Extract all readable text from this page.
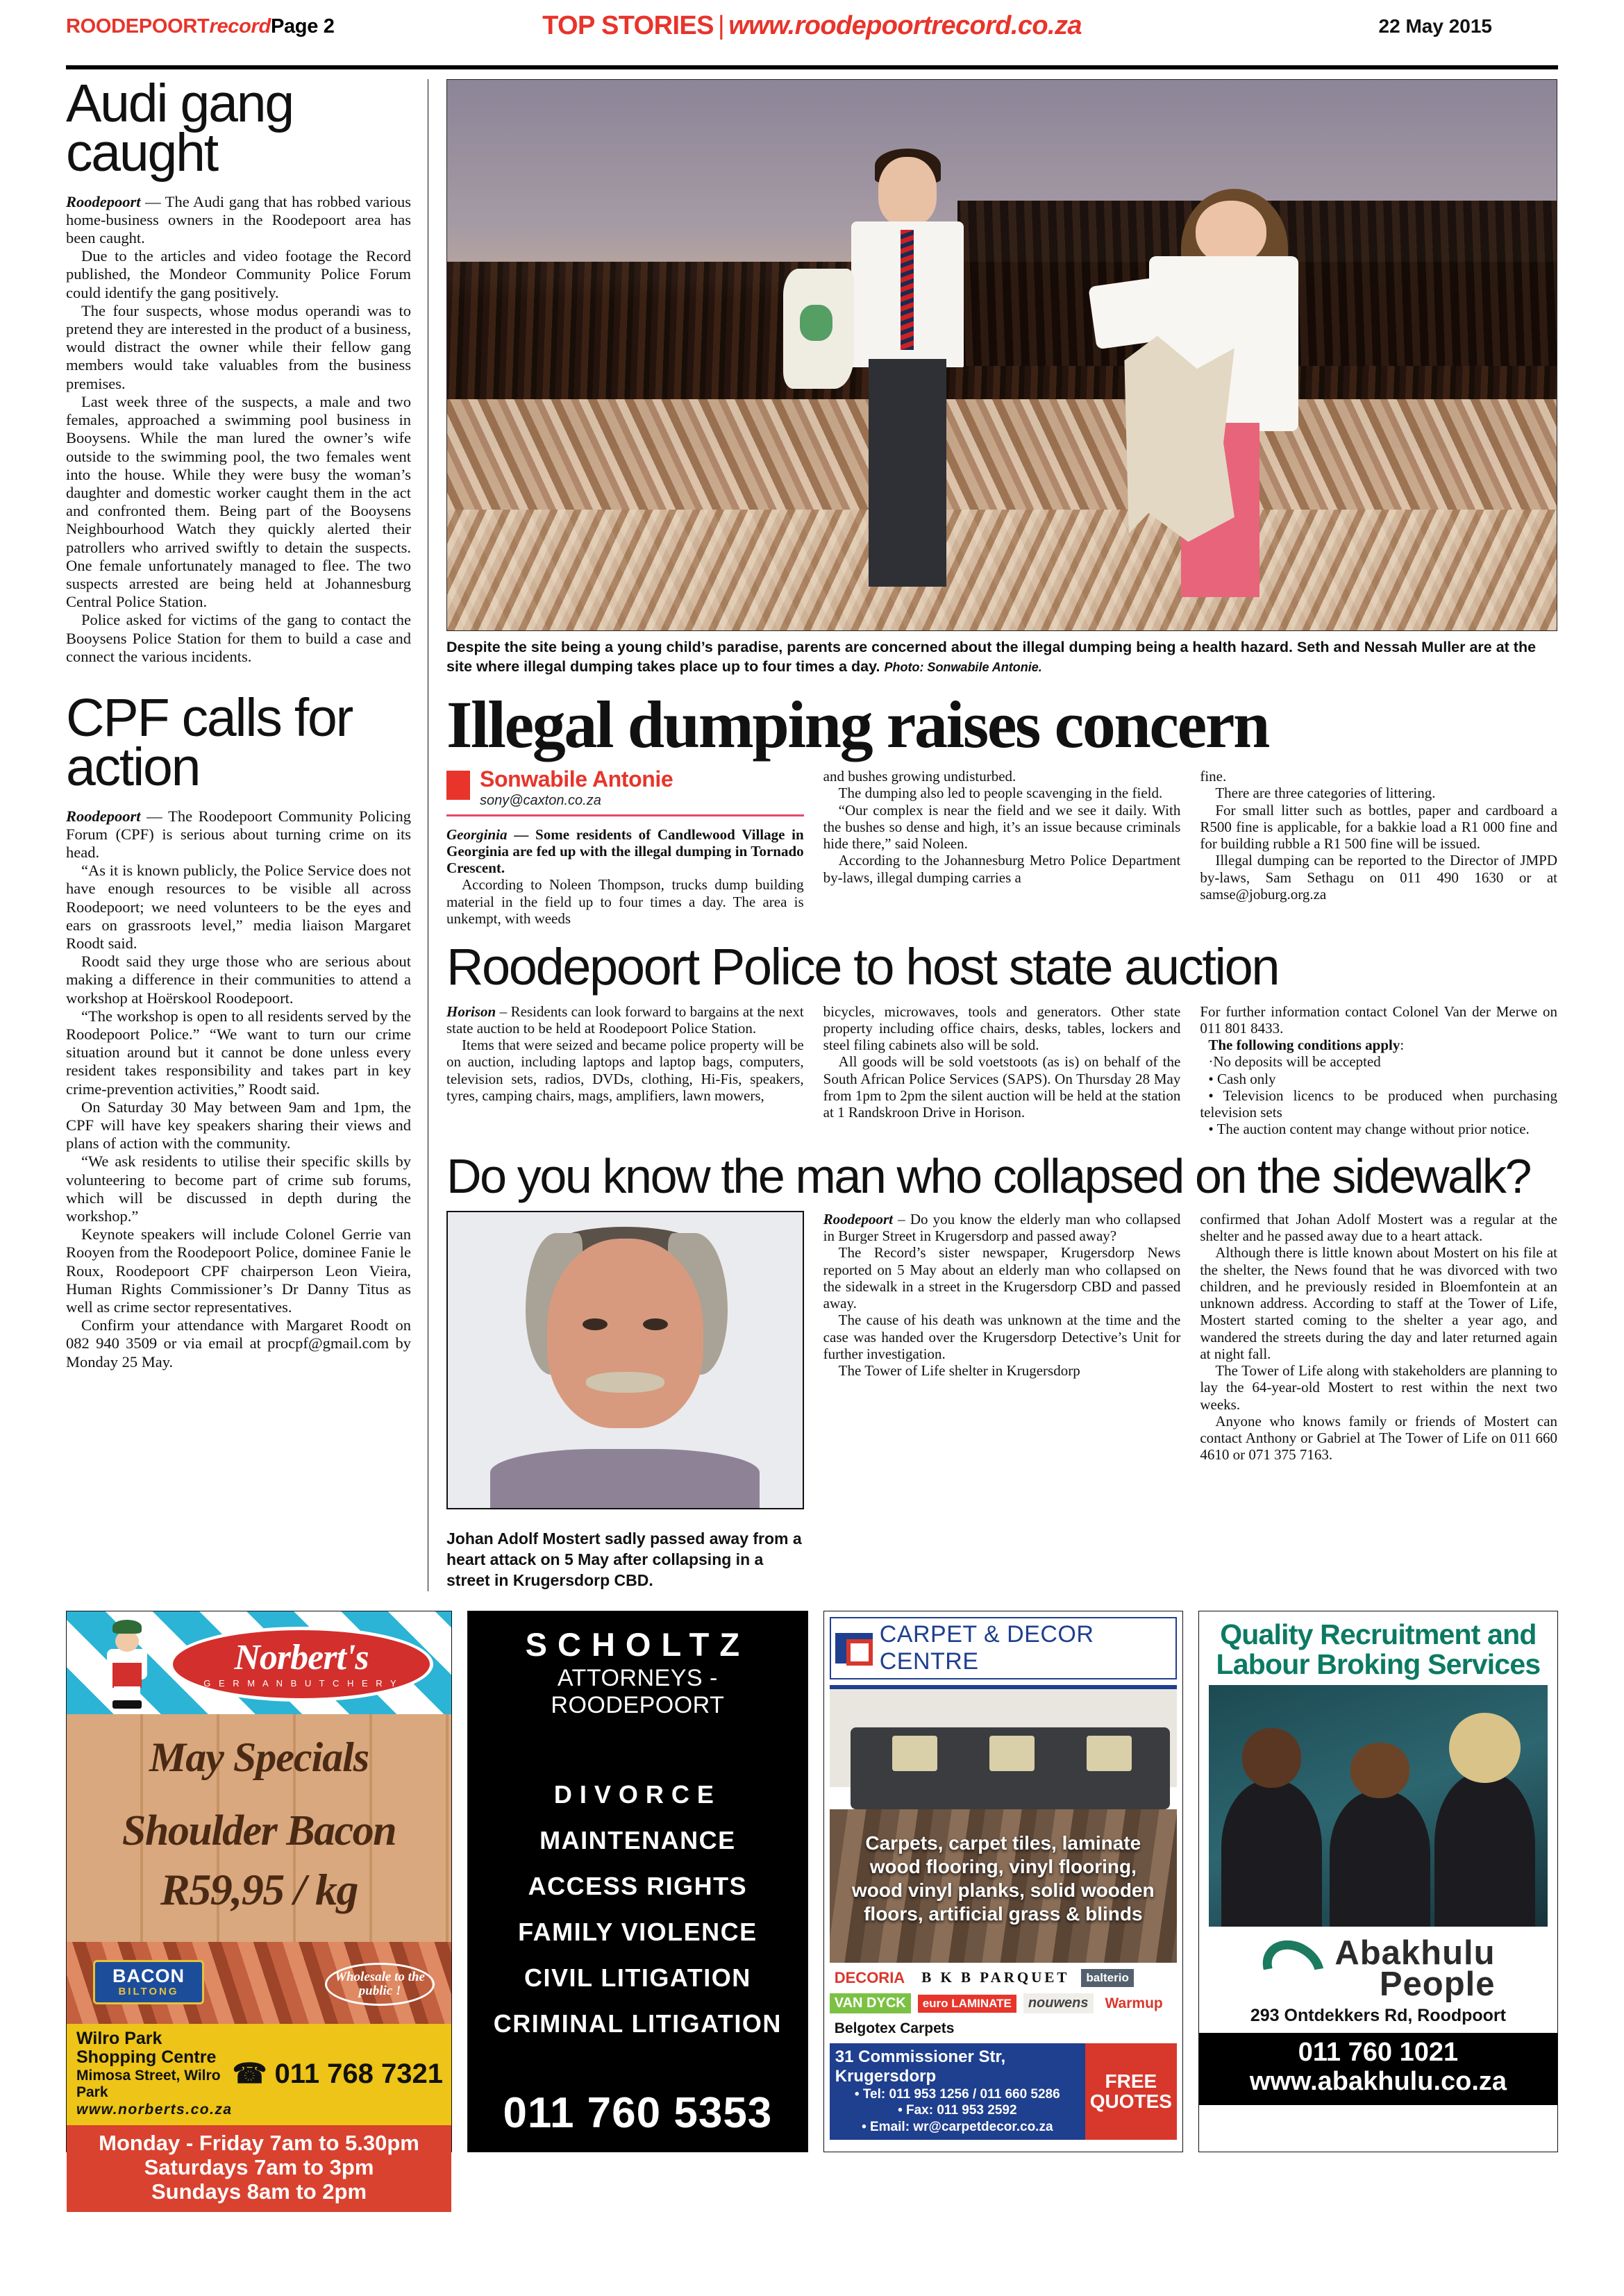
ROODEPOORTrecordPage 2	TOP STORIES | www.roodepoortrecord.co.za	22 May 2015
Audi gang caught

Roodepoort — The Audi gang that has robbed various home-business owners in the Roodepoort area has been caught.

Due to the articles and video footage the Record published, the Mondeor Community Police Forum could identify the gang positively.

The four suspects, whose modus operandi was to pretend they are interested in the product of a business, would distract the owner while their fellow gang members would take valuables from the business premises.

Last week three of the suspects, a male and two females, approached a swimming pool business in Booysens. While the man lured the owner’s wife outside to the swimming pool, the two females went into the house. While they were busy the woman’s daughter and domestic worker caught them in the act and confronted them. Being part of the Booysens Neighbourhood Watch they quickly alerted their patrollers who arrived swiftly to detain the suspects. One female unfortunately managed to flee. The two suspects arrested are being held at Johannesburg Central Police Station.

Police asked for victims of the gang to contact the Booysens Police Station for them to build a case and connect the various incidents.

CPF calls for action

Roodepoort — The Roodepoort Community Policing Forum (CPF) is serious about turning crime on its head.

“As it is known publicly, the Police Service does not have enough resources to be visible all across Roodepoort; we need volunteers to be the eyes and ears on grassroots level,” media liaison Margaret Roodt said.

Roodt said they urge those who are serious about making a difference in their communities to attend a workshop at Hoërskool Roodepoort.

“The workshop is open to all residents served by the Roodepoort Police.” “We want to turn our crime situation around but it cannot be done unless every resident takes responsibility and takes part in key crime-prevention activities,” Roodt said.

On Saturday 30 May between 9am and 1pm, the CPF will have key speakers sharing their views and plans of action with the community.

“We ask residents to utilise their specific skills by volunteering to become part of crime sub forums, which will be discussed in depth during the workshop.”

Keynote speakers will include Colonel Gerrie van Rooyen from the Roodepoort Police, dominee Fanie le Roux, Roodepoort CPF chairperson Leon Vieira, Human Rights Commissioner’s Dr Danny Titus as well as crime sector representatives.

Confirm your attendance with Margaret Roodt on 082 940 3509 or via email at procpf@gmail.com by Monday 25 May.

Despite the site being a young child’s paradise, parents are concerned about the illegal dumping being a health hazard. Seth and Nessah Muller are at the site where illegal dumping takes place up to four times a day. Photo: Sonwabile Antonie.
Illegal dumping raises concern
Sonwabile Antonie
sony@caxton.co.za

Georginia — Some residents of Candlewood Village in Georginia are fed up with the illegal dumping in Tornado Crescent.

According to Noleen Thompson, trucks dump building material in the field up to four times a day. The area is unkempt, with weeds

and bushes growing undisturbed.

The dumping also led to people scavenging in the field.

“Our complex is near the field and we see it daily. With the bushes so dense and high, it’s an issue because criminals hide there,” said Noleen.

According to the Johannesburg Metro Police Department by-laws, illegal dumping carries a

fine.

There are three categories of littering.

For small litter such as bottles, paper and cardboard a R500 fine is applicable, for a bakkie load a R1 000 fine and for building rubble a R1 500 fine will be issued.

Illegal dumping can be reported to the Director of JMPD by-laws, Sam Sethagu on 011 490 1630 or at samse@joburg.org.za

Roodepoort Police to host state auction

Horison – Residents can look forward to bargains at the next state auction to be held at Roodepoort Police Station.

Items that were seized and became police property will be on auction, including laptops and laptop bags, computers, television sets, radios, DVDs, clothing, Hi-Fis, speakers, tyres, camping chairs, mags, amplifiers, lawn mowers,

bicycles, microwaves, tools and generators. Other state property including office chairs, desks, tables, lockers and steel filing cabinets also will be sold.

All goods will be sold voetstoots (as is) on behalf of the South African Police Services (SAPS). On Thursday 28 May from 1pm to 2pm the silent auction will be held at the station at 1 Randskroon Drive in Horison.

For further information contact Colonel Van der Merwe on 011 801 8433.

The following conditions apply:

·No deposits will be accepted

• Cash only

• Television licencs to be produced when purchasing television sets

• The auction content may change without prior notice.

Do you know the man who collapsed on the sidewalk?
Johan Adolf Mostert sadly passed away from a heart attack on 5 May after collapsing in a street in Krugersdorp CBD.

Roodepoort – Do you know the elderly man who collapsed in Burger Street in Krugersdorp and passed away?

The Record’s sister newspaper, Krugersdorp News reported on 5 May about an elderly man who collapsed on the sidewalk in a street in the Krugersdorp CBD and passed away.

The cause of his death was unknown at the time and the case was handed over the Krugersdorp Detective’s Unit for further investigation.

The Tower of Life shelter in Krugersdorp

confirmed that Johan Adolf Mostert was a regular at the shelter and he passed away due to a heart attack.

Although there is little known about Mostert on his file at the shelter, the News found that he was divorced with two children, and he previously resided in Bloemfontein at an unknown address. According to staff at the Tower of Life, Mostert started coming to the shelter a year ago, and wandered the streets during the day and later returned again at night fall.

The Tower of Life along with stakeholders are planning to lay the 64-year-old Mostert to rest within the next two weeks.

Anyone who knows family or friends of Mostert can contact Anthony or Gabriel at The Tower of Life on 011 660 4610 or 071 375 7163.

Norbert's
G E R M A N B U T C H E R Y
May Specials
Shoulder Bacon
R59,95 / kg
BACON
BILTONG
Wholesale to the public !
Wilro Park Shopping Centre
Mimosa Street, Wilro Park
www.norberts.co.za
☎ 011 768 7321
Monday - Friday 7am to 5.30pm
Saturdays 7am to 3pm
Sundays 8am to 2pm
SCHOLTZ
ATTORNEYS - ROODEPOORT
DIVORCE
MAINTENANCE
ACCESS RIGHTS
FAMILY VIOLENCE
CIVIL LITIGATION
CRIMINAL LITIGATION
011 760 5353
CARPET & DECOR CENTRE
Carpets, carpet tiles, laminate wood flooring, vinyl flooring, wood vinyl planks, solid wooden floors, artificial grass & blinds
DECORIA	B K B PARQUET	balterio
VAN DYCK	euro LAMINATE	nouwens	Warmup
Belgotex Carpets
31 Commissioner Str, Krugersdorp
• Tel: 011 953 1256 / 011 660 5286
• Fax: 011 953 2592
• Email: wr@carpetdecor.co.za
FREE
QUOTES
Quality Recruitment and Labour Broking Services
Abakhulu
People
293 Ontdekkers Rd, Roodpoort
011 760 1021
www.abakhulu.co.za
